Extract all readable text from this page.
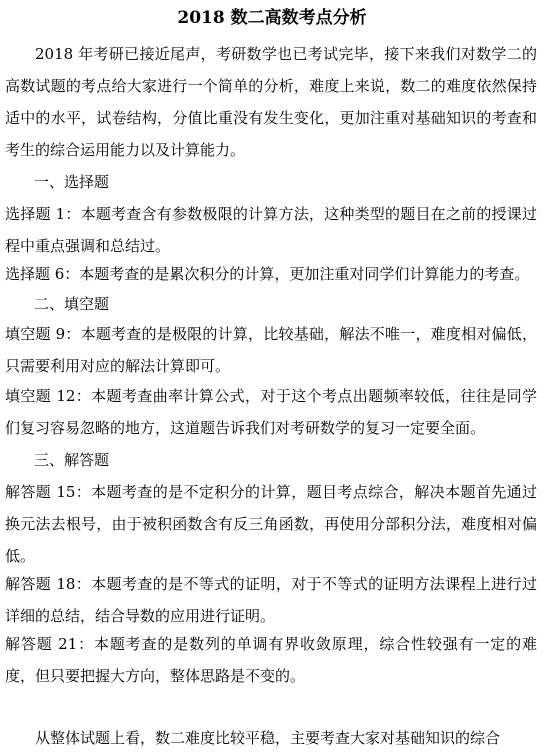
2018 数二高数考点分析

2018 年考研已接近尾声，考研数学也已考试完毕，接下来我们对数学二的高数试题的考点给大家进行一个简单的分析，难度上来说，数二的难度依然保持适中的水平，试卷结构，分值比重没有发生变化，更加注重对基础知识的考查和考生的综合运用能力以及计算能力。

一、选择题

选择题 1：本题考查含有参数极限的计算方法，这种类型的题目在之前的授课过程中重点强调和总结过。

选择题 6：本题考查的是累次积分的计算，更加注重对同学们计算能力的考查。

二、填空题

填空题 9：本题考查的是极限的计算，比较基础，解法不唯一，难度相对偏低，只需要利用对应的解法计算即可。

填空题 12：本题考查曲率计算公式，对于这个考点出题频率较低，往往是同学们复习容易忽略的地方，这道题告诉我们对考研数学的复习一定要全面。

三、解答题

解答题 15：本题考查的是不定积分的计算，题目考点综合，解决本题首先通过换元法去根号，由于被积函数含有反三角函数，再使用分部积分法，难度相对偏低。

解答题 18：本题考查的是不等式的证明，对于不等式的证明方法课程上进行过详细的总结，结合导数的应用进行证明。

解答题 21：本题考查的是数列的单调有界收敛原理，综合性较强有一定的难度，但只要把握大方向，整体思路是不变的。

从整体试题上看，数二难度比较平稳，主要考查大家对基础知识的综合
